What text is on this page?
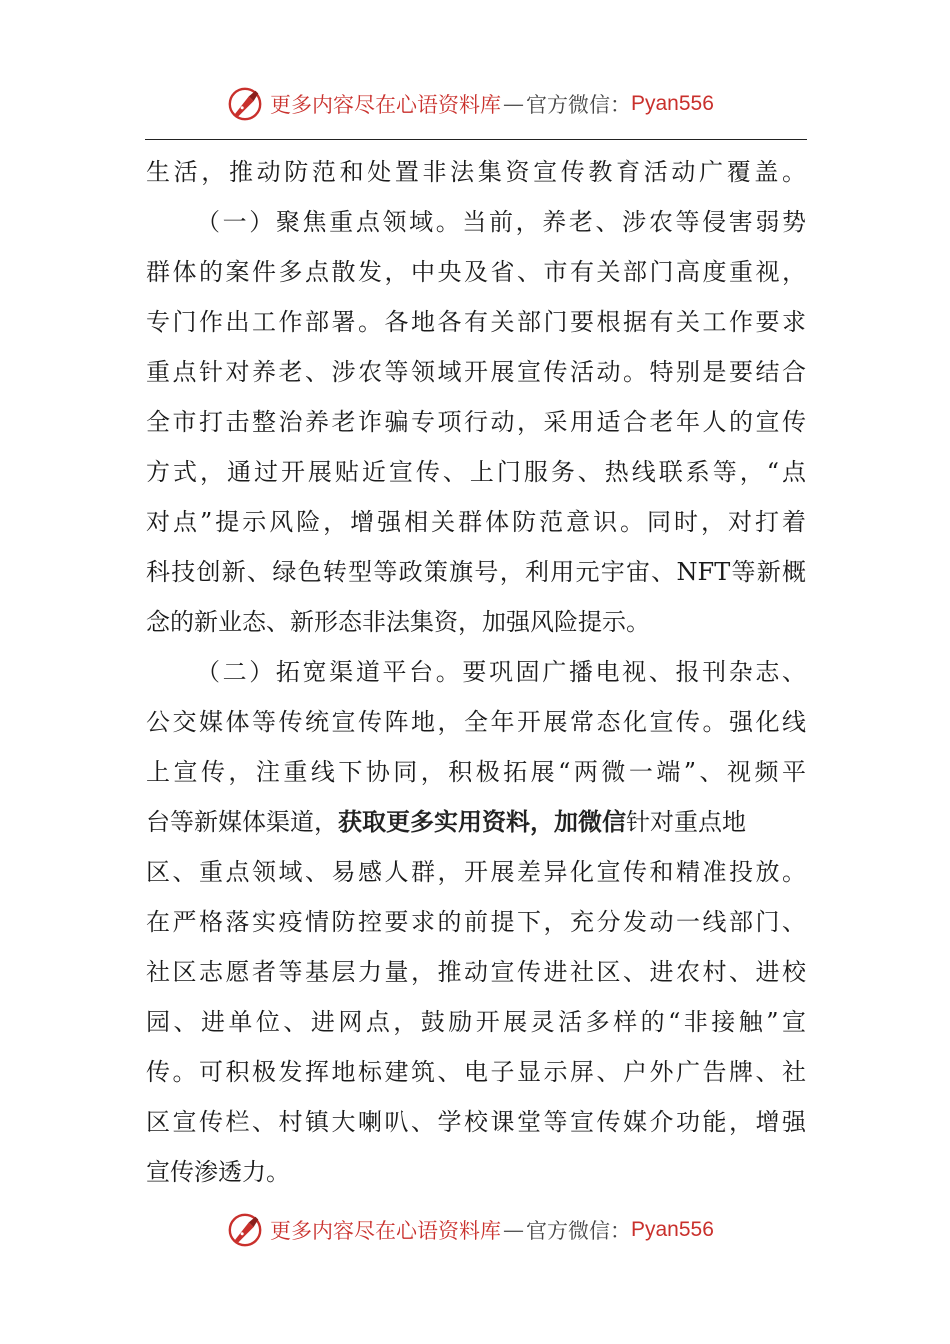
更多内容尽在心语资料库 — 官方微信： Pyan556
生活，推动防范和处置非法集资宣传教育活动广覆盖。
（一）聚焦重点领域。当前，养老、涉农等侵害弱势
群体的案件多点散发，中央及省、市有关部门高度重视，
专门作出工作部署。各地各有关部门要根据有关工作要求
重点针对养老、涉农等领域开展宣传活动。特别是要结合
全市打击整治养老诈骗专项行动，采用适合老年人的宣传
方式，通过开展贴近宣传、上门服务、热线联系等，“点
对点”提示风险，增强相关群体防范意识。同时，对打着
科技创新、绿色转型等政策旗号，利用元宇宙、NFT等新概
念的新业态、新形态非法集资，加强风险提示。
（二）拓宽渠道平台。要巩固广播电视、报刊杂志、
公交媒体等传统宣传阵地，全年开展常态化宣传。强化线
上宣传，注重线下协同，积极拓展“两微一端”、视频平
台等新媒体渠道，获取更多实用资料，加微信针对重点地
区、重点领域、易感人群，开展差异化宣传和精准投放。
在严格落实疫情防控要求的前提下，充分发动一线部门、
社区志愿者等基层力量，推动宣传进社区、进农村、进校
园、进单位、进网点，鼓励开展灵活多样的“非接触”宣
传。可积极发挥地标建筑、电子显示屏、户外广告牌、社
区宣传栏、村镇大喇叭、学校课堂等宣传媒介功能，增强
宣传渗透力。
更多内容尽在心语资料库 — 官方微信： Pyan556
